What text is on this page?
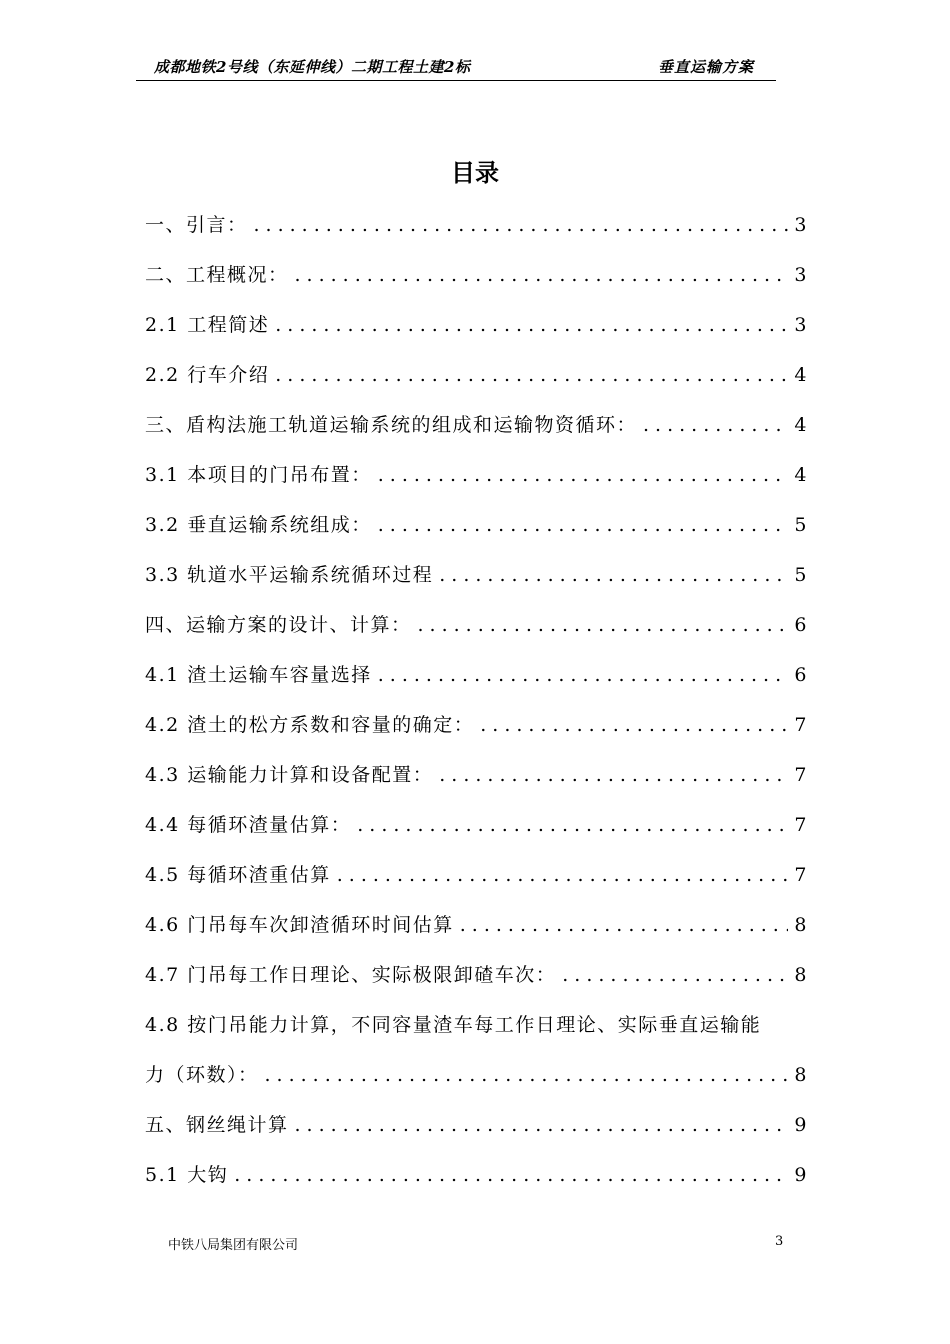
成都地铁2号线（东延伸线）二期工程土建2标	垂直运输方案
目录
一、引言： .....	3
二、工程概况： .....	3
2.1 工程简述 .....	3
2.2 行车介绍 .....	4
三、盾构法施工轨道运输系统的组成和运输物资循环： .....	4
3.1 本项目的门吊布置： .....	4
3.2 垂直运输系统组成： .....	5
3.3 轨道水平运输系统循环过程 .....	5
四、运输方案的设计、计算： .....	6
4.1 渣土运输车容量选择 .....	6
4.2 渣土的松方系数和容量的确定： .....	7
4.3 运输能力计算和设备配置： .....	7
4.4 每循环渣量估算： .....	7
4.5 每循环渣重估算 .....	7
4.6 门吊每车次卸渣循环时间估算 .....	8
4.7 门吊每工作日理论、实际极限卸碴车次： .....	8
4.8 按门吊能力计算，不同容量渣车每工作日理论、实际垂直运输能
力（环数）： .....	8
五、钢丝绳计算 .....	9
5.1 大钩 .....	9
中铁八局集团有限公司	3
